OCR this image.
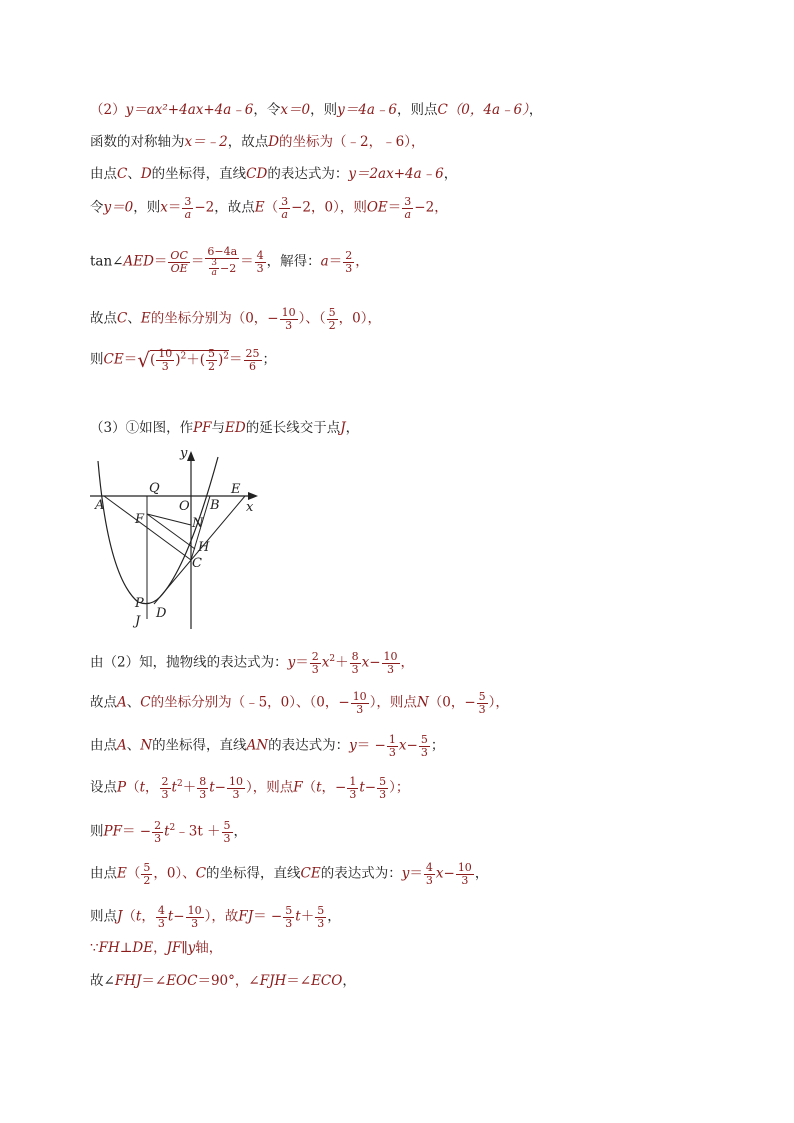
（2）y＝ax²+4ax+4a﹣6，令x＝0，则y＝4a﹣6，则点C（0，4a﹣6），
函数的对称轴为x＝﹣2，故点D的坐标为（﹣2，﹣6），
由点C、D的坐标得，直线CD的表达式为：y＝2ax+4a﹣6，
令y＝0，则$x= \frac{3}{a} -2$，故点$E( \frac{3}{a} -2$，0），则$OE= \frac{3}{a} -2$，
tan∠AED＝ $\frac{OC}{OE} = \frac{6-4a}{\frac{3}{a} -2} = \frac{4}{3}$ ，解得：$a= \frac{2}{3}$ ，
故点C、E的坐标分别为（0，− $\frac{10}{3}$ ）、（ $\frac{5}{2}$ ，0），
则$CE=√( \frac{10}{3} )^2+( \frac{5}{2} )^2= \frac{25}{6}$ ；
（3）①如图，作PF与ED的延长线交于点J，
y
x
Q
O B
E
A
F	N
H
C
P
D
J
由（2）知，抛物线的表达式为：$y= \frac{2}{3} x^2+ \frac{8}{3} x- \frac{10}{3}$ ，
故点A、C的坐标分别为（﹣5，0）、（0，− $\frac{10}{3}$ ），则点N（0，− $\frac{5}{3}$ ），
由点A、N的坐标得，直线AN的表达式为：$y= - \frac{1}{3} x- \frac{5}{3}$ ；
设点P（t， $\frac{2}{3} t^2+ \frac{8}{3} t- \frac{10}{3}$ ），则点F（t，− $\frac{1}{3} t- \frac{5}{3}$ ）；
则$PF= - \frac{2}{3}$ $t^2﹣3t + \frac{5}{3}$ ，
由点$E( \frac{5}{2}$ ，0）、C的坐标得，直线CE的表达式为：$y= \frac{4}{3} x- \frac{10}{3}$ ，
则点J（t， $\frac{4}{3} t- \frac{10}{3}$ ），故$FJ= - \frac{5}{3} t+ \frac{5}{3}$ ，
∵FH⊥DE，JF∥y轴，
故∠FHJ＝∠EOC＝90°，∠FJH＝∠ECO，
